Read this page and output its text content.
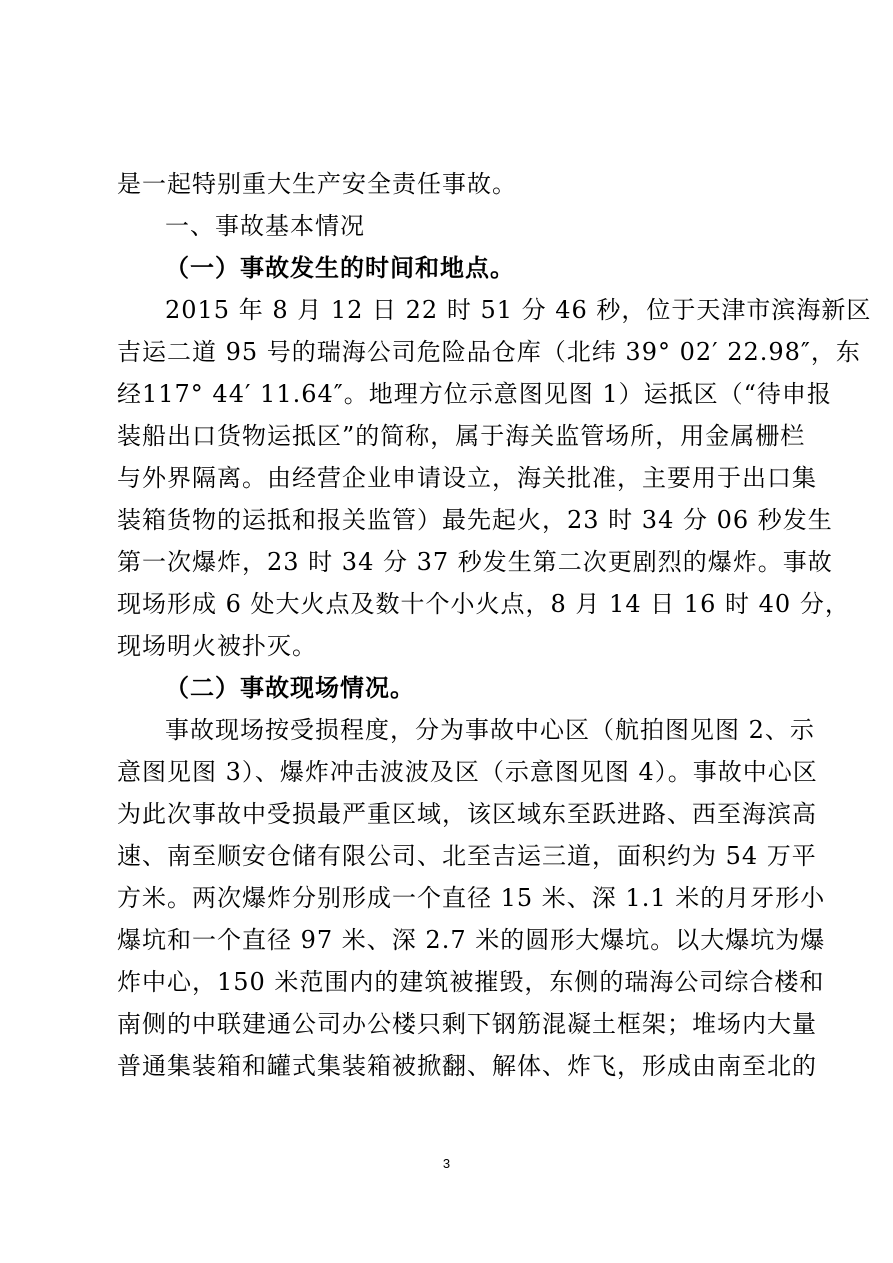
是一起特别重大生产安全责任事故。
一、事故基本情况
（一）事故发生的时间和地点。
2015 年 8 月 12 日 22 时 51 分 46 秒，位于天津市滨海新区
吉运二道 95 号的瑞海公司危险品仓库（北纬 39° 02′ 22.98″，东
经117° 44′ 11.64″。地理方位示意图见图 1）运抵区（“待申报
装船出口货物运抵区”的简称，属于海关监管场所，用金属栅栏
与外界隔离。由经营企业申请设立，海关批准，主要用于出口集
装箱货物的运抵和报关监管）最先起火，23 时 34 分 06 秒发生
第一次爆炸，23 时 34 分 37 秒发生第二次更剧烈的爆炸。事故
现场形成 6 处大火点及数十个小火点，8 月 14 日 16 时 40 分，
现场明火被扑灭。
（二）事故现场情况。
事故现场按受损程度，分为事故中心区（航拍图见图 2、示
意图见图 3）、爆炸冲击波波及区（示意图见图 4）。事故中心区
为此次事故中受损最严重区域，该区域东至跃进路、西至海滨高
速、南至顺安仓储有限公司、北至吉运三道，面积约为 54 万平
方米。两次爆炸分别形成一个直径 15 米、深 1.1 米的月牙形小
爆坑和一个直径 97 米、深 2.7 米的圆形大爆坑。以大爆坑为爆
炸中心，150 米范围内的建筑被摧毁，东侧的瑞海公司综合楼和
南侧的中联建通公司办公楼只剩下钢筋混凝土框架；堆场内大量
普通集装箱和罐式集装箱被掀翻、解体、炸飞，形成由南至北的
3
